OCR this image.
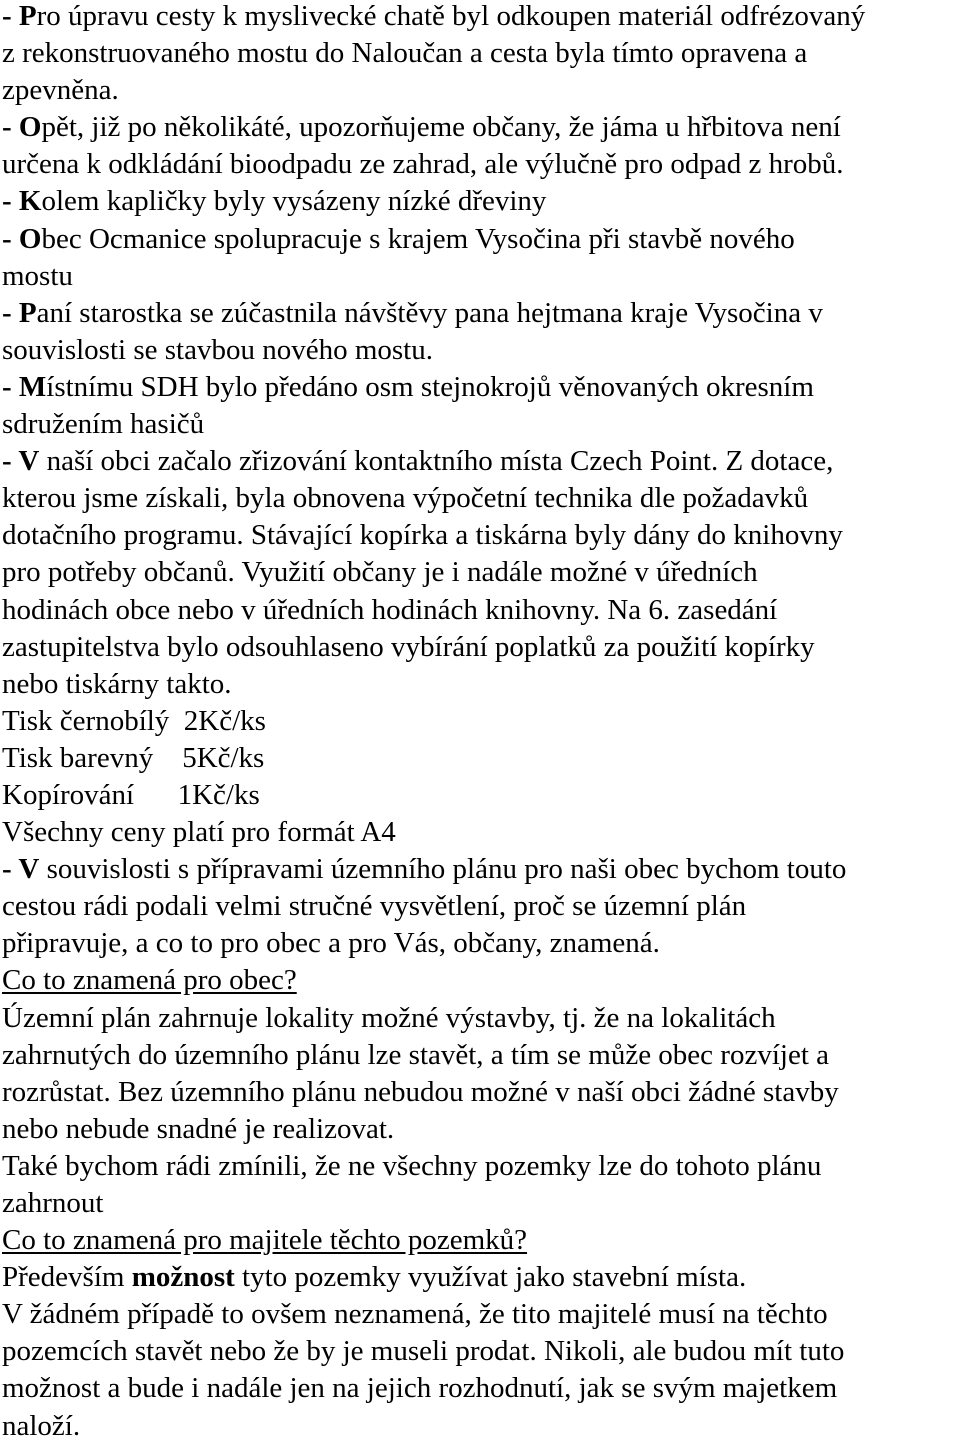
- Pro úpravu cesty k myslivecké chatě byl odkoupen materiál odfrézovaný
z rekonstruovaného mostu do Naloučan a cesta byla tímto opravena a
zpevněna.
- Opět, již po několikáté, upozorňujeme občany, že jáma u hřbitova není
určena k odkládání bioodpadu ze zahrad, ale výlučně pro odpad z hrobů.
- Kolem kapličky byly vysázeny nízké dřeviny
- Obec Ocmanice spolupracuje s krajem Vysočina při stavbě nového
mostu
- Paní starostka se zúčastnila návštěvy pana hejtmana kraje Vysočina v
souvislosti se stavbou nového mostu.
- Místnímu SDH bylo předáno osm stejnokrojů věnovaných okresním
sdružením hasičů
- V naší obci začalo zřizování kontaktního místa Czech Point. Z dotace,
kterou jsme získali, byla obnovena výpočetní technika dle požadavků
dotačního programu. Stávající kopírka a tiskárna byly dány do knihovny
pro potřeby občanů. Využití občany je i nadále možné v úředních
hodinách obce nebo v úředních hodinách knihovny. Na 6. zasedání
zastupitelstva bylo odsouhlaseno vybírání poplatků za použití kopírky
nebo tiskárny takto.
Tisk černobílý  2Kč/ks
Tisk barevný    5Kč/ks
Kopírování      1Kč/ks
Všechny ceny platí pro formát A4
- V souvislosti s přípravami územního plánu pro naši obec bychom touto
cestou rádi podali velmi stručné vysvětlení, proč se územní plán
připravuje, a co to pro obec a pro Vás, občany, znamená.
Co to znamená pro obec?
Územní plán zahrnuje lokality možné výstavby, tj. že na lokalitách
zahrnutých do územního plánu lze stavět, a tím se může obec rozvíjet a
rozrůstat. Bez územního plánu nebudou možné v naší obci žádné stavby
nebo nebude snadné je realizovat.
Také bychom rádi zmínili, že ne všechny pozemky lze do tohoto plánu
zahrnout
Co to znamená pro majitele těchto pozemků?
Především možnost tyto pozemky využívat jako stavební místa.
V žádném případě to ovšem neznamená, že tito majitelé musí na těchto
pozemcích stavět nebo že by je museli prodat. Nikoli, ale budou mít tuto
možnost a bude i nadále jen na jejich rozhodnutí, jak se svým majetkem
naloží.
